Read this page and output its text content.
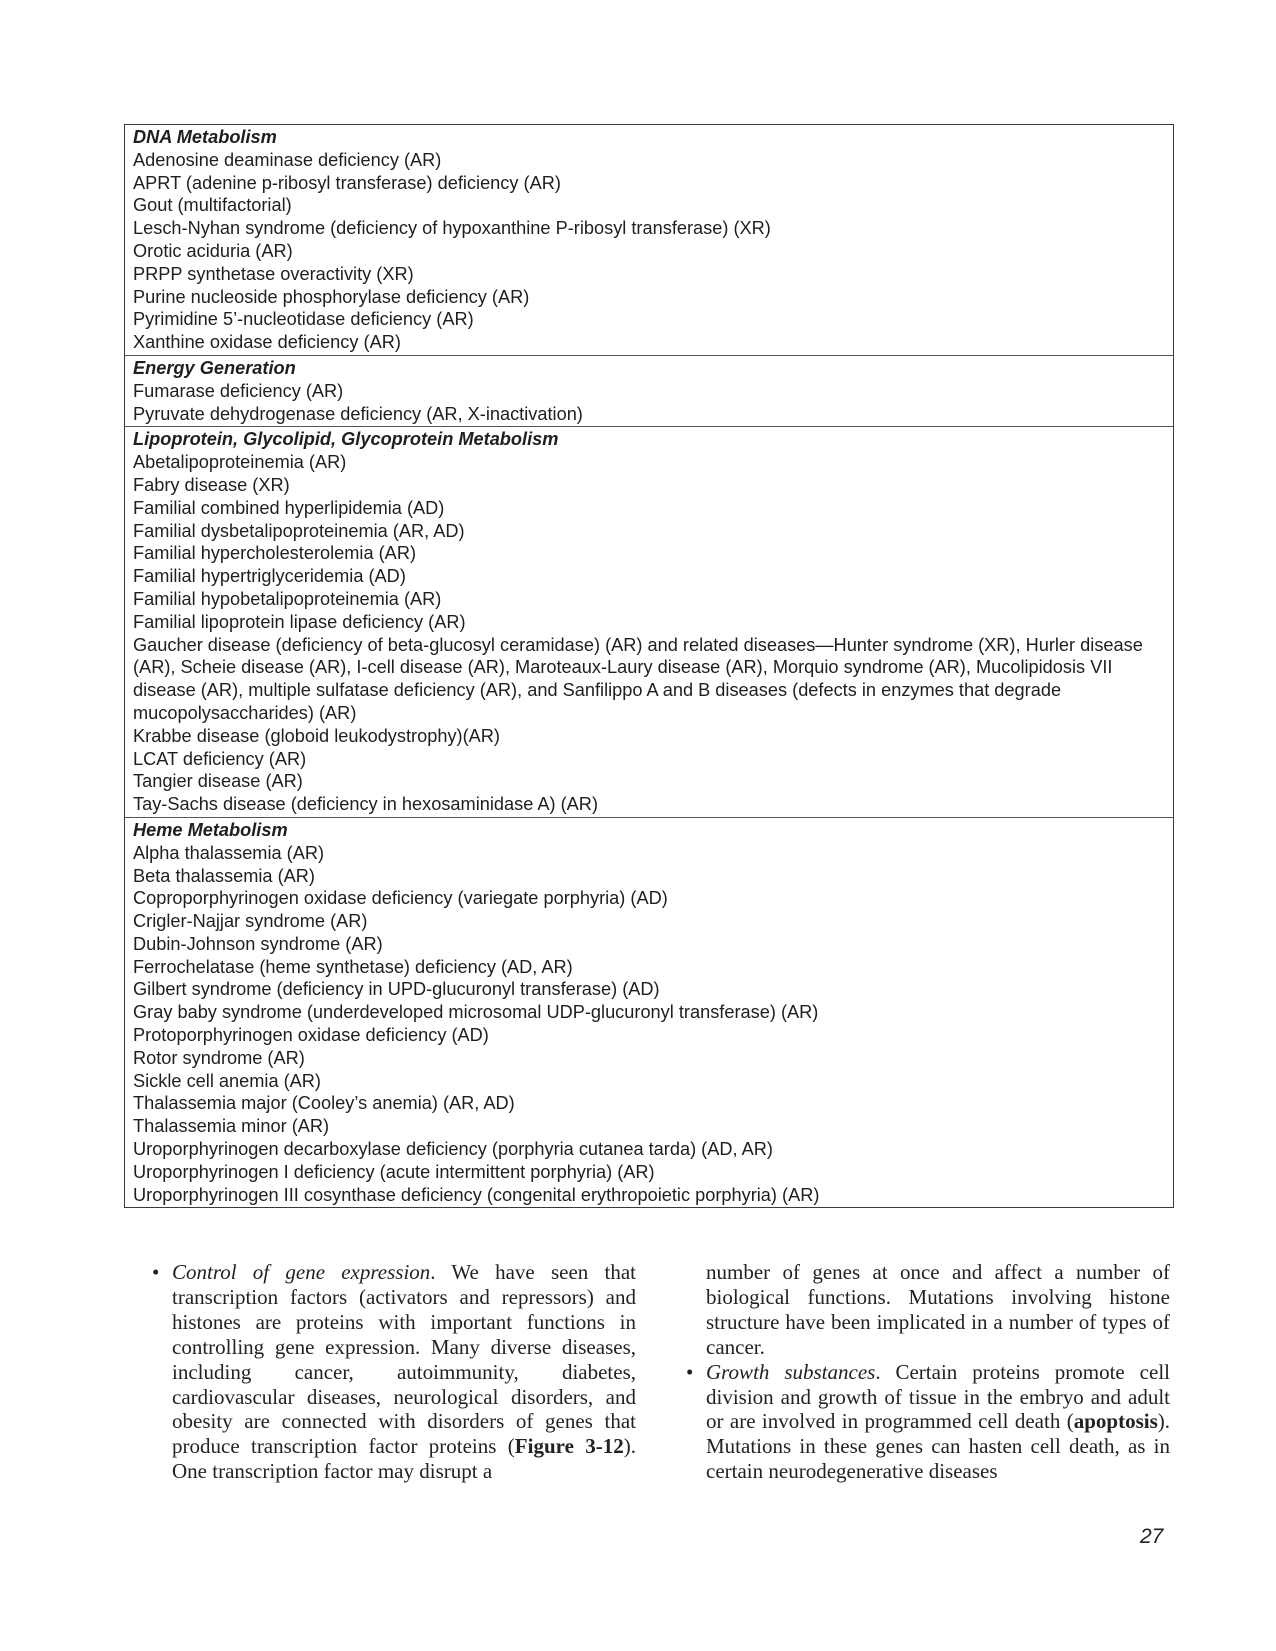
DNA Metabolism
Adenosine deaminase deficiency (AR)
APRT (adenine p-ribosyl transferase) deficiency (AR)
Gout (multifactorial)
Lesch-Nyhan syndrome (deficiency of hypoxanthine P-ribosyl transferase) (XR)
Orotic aciduria (AR)
PRPP synthetase overactivity (XR)
Purine nucleoside phosphorylase deficiency (AR)
Pyrimidine 5’-nucleotidase deficiency (AR)
Xanthine oxidase deficiency (AR)
Energy Generation
Fumarase deficiency (AR)
Pyruvate dehydrogenase deficiency (AR, X-inactivation)
Lipoprotein, Glycolipid, Glycoprotein Metabolism
Abetalipoproteinemia (AR)
Fabry disease (XR)
Familial combined hyperlipidemia (AD)
Familial dysbetalipoproteinemia (AR, AD)
Familial hypercholesterolemia (AR)
Familial hypertriglyceridemia (AD)
Familial hypobetalipoproteinemia (AR)
Familial lipoprotein lipase deficiency (AR)
Gaucher disease (deficiency of beta-glucosyl ceramidase) (AR) and related diseases—Hunter syndrome (XR), Hurler disease (AR), Scheie disease (AR), I-cell disease (AR), Maroteaux-Laury disease (AR), Morquio syndrome (AR), Mucolipidosis VII disease (AR), multiple sulfatase deficiency (AR), and Sanfilippo A and B diseases (defects in enzymes that degrade mucopolysaccharides) (AR)
Krabbe disease (globoid leukodystrophy)(AR)
LCAT deficiency (AR)
Tangier disease (AR)
Tay-Sachs disease (deficiency in hexosaminidase A) (AR)
Heme Metabolism
Alpha thalassemia (AR)
Beta thalassemia (AR)
Coproporphyrinogen oxidase deficiency (variegate porphyria) (AD)
Crigler-Najjar syndrome (AR)
Dubin-Johnson syndrome (AR)
Ferrochelatase (heme synthetase) deficiency (AD, AR)
Gilbert syndrome (deficiency in UPD-glucuronyl transferase) (AD)
Gray baby syndrome (underdeveloped microsomal UDP-glucuronyl transferase) (AR)
Protoporphyrinogen oxidase deficiency (AD)
Rotor syndrome (AR)
Sickle cell anemia (AR)
Thalassemia major (Cooley’s anemia) (AR, AD)
Thalassemia minor (AR)
Uroporphyrinogen decarboxylase deficiency (porphyria cutanea tarda) (AD, AR)
Uroporphyrinogen I deficiency (acute intermittent porphyria) (AR)
Uroporphyrinogen III cosynthase deficiency (congenital erythropoietic porphyria) (AR)
• Control of gene expression. We have seen that transcription factors (activators and repressors) and histones are proteins with important functions in controlling gene expression. Many diverse diseases, including cancer, autoimmunity, diabetes, cardiovascular diseases, neurological disorders, and obesity are connected with disorders of genes that produce transcription factor proteins (Figure 3-12). One transcription factor may disrupt a
number of genes at once and affect a number of biological functions. Mutations involving histone structure have been implicated in a number of types of cancer.
• Growth substances. Certain proteins promote cell division and growth of tissue in the embryo and adult or are involved in programmed cell death (apoptosis). Mutations in these genes can hasten cell death, as in certain neurodegenerative diseases
27
